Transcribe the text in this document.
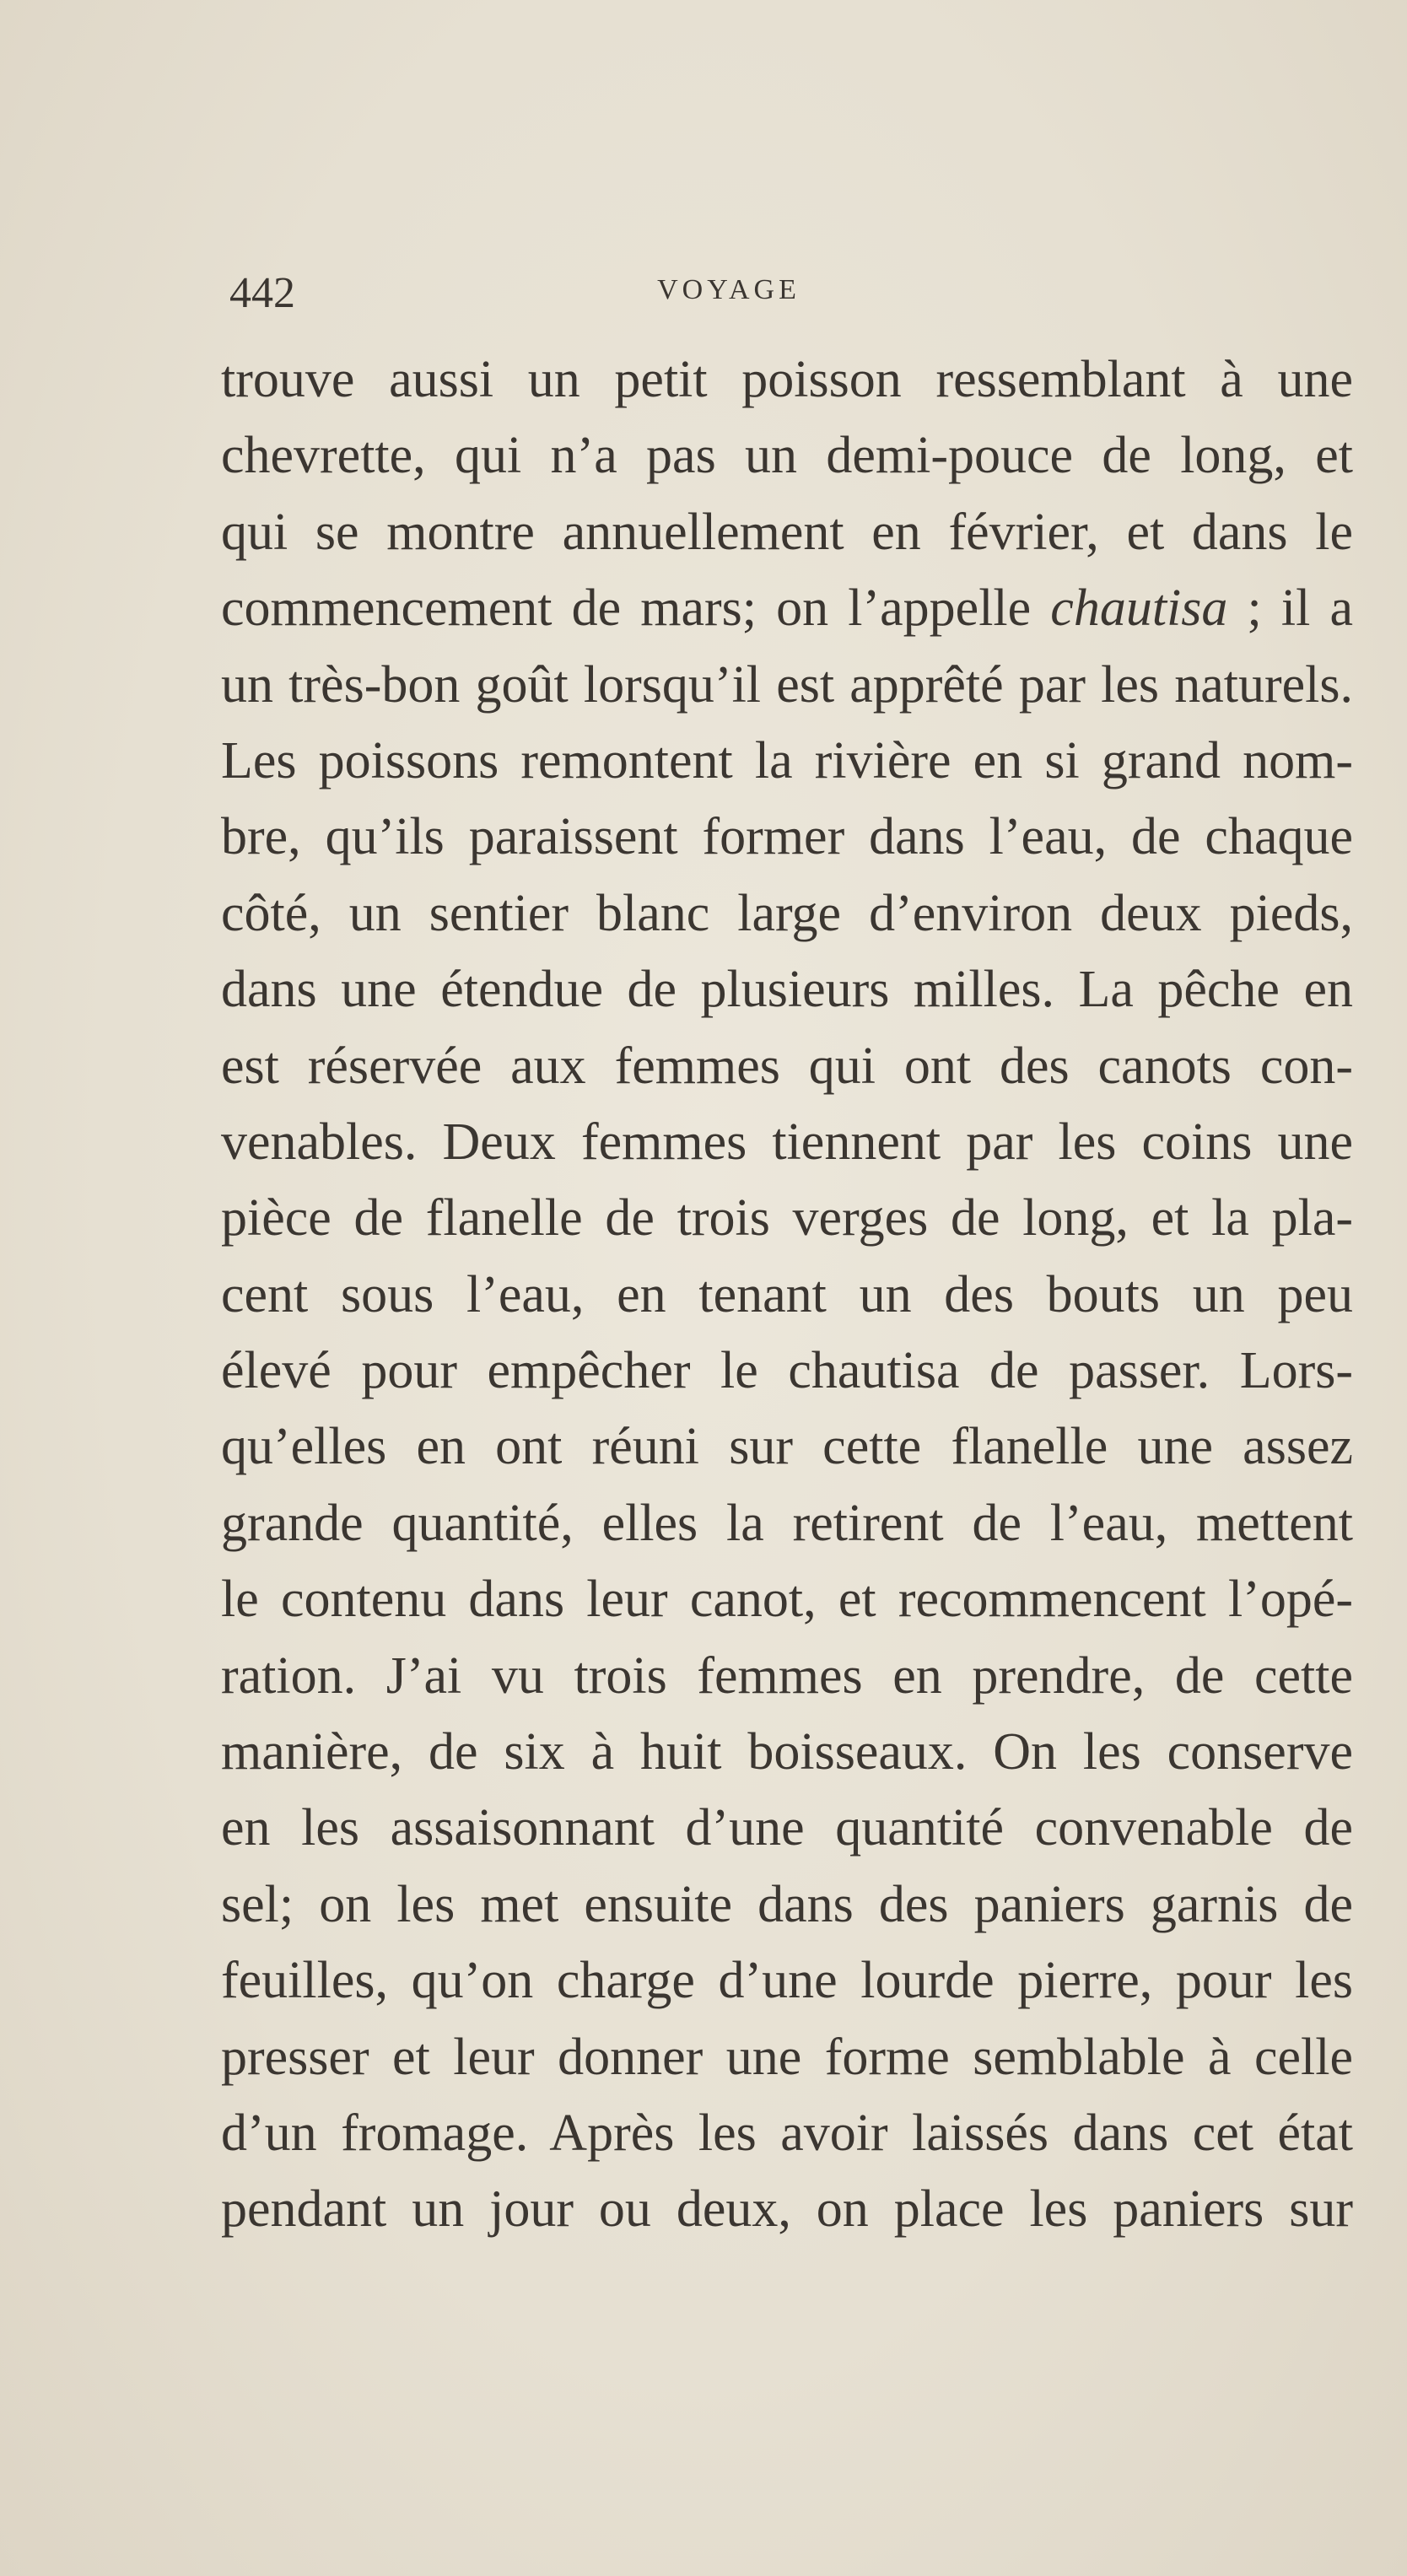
442	VOYAGE
trouve aussi un petit poisson ressemblant à une
chevrette, qui n’a pas un demi-pouce de long, et
qui se montre annuellement en février, et dans le
commencement de mars; on l’appelle chautisa ; il a
un très-bon goût lorsqu’il est apprêté par les naturels.
Les poissons remontent la rivière en si grand nom-
bre, qu’ils paraissent former dans l’eau, de chaque
côté, un sentier blanc large d’environ deux pieds,
dans une étendue de plusieurs milles. La pêche en
est réservée aux femmes qui ont des canots con-
venables. Deux femmes tiennent par les coins une
pièce de flanelle de trois verges de long, et la pla-
cent sous l’eau, en tenant un des bouts un peu
élevé pour empêcher le chautisa de passer. Lors-
qu’elles en ont réuni sur cette flanelle une assez
grande quantité, elles la retirent de l’eau, mettent
le contenu dans leur canot, et recommencent l’opé-
ration. J’ai vu trois femmes en prendre, de cette
manière, de six à huit boisseaux. On les conserve
en les assaisonnant d’une quantité convenable de
sel; on les met ensuite dans des paniers garnis de
feuilles, qu’on charge d’une lourde pierre, pour les
presser et leur donner une forme semblable à celle
d’un fromage. Après les avoir laissés dans cet état
pendant un jour ou deux, on place les paniers sur
